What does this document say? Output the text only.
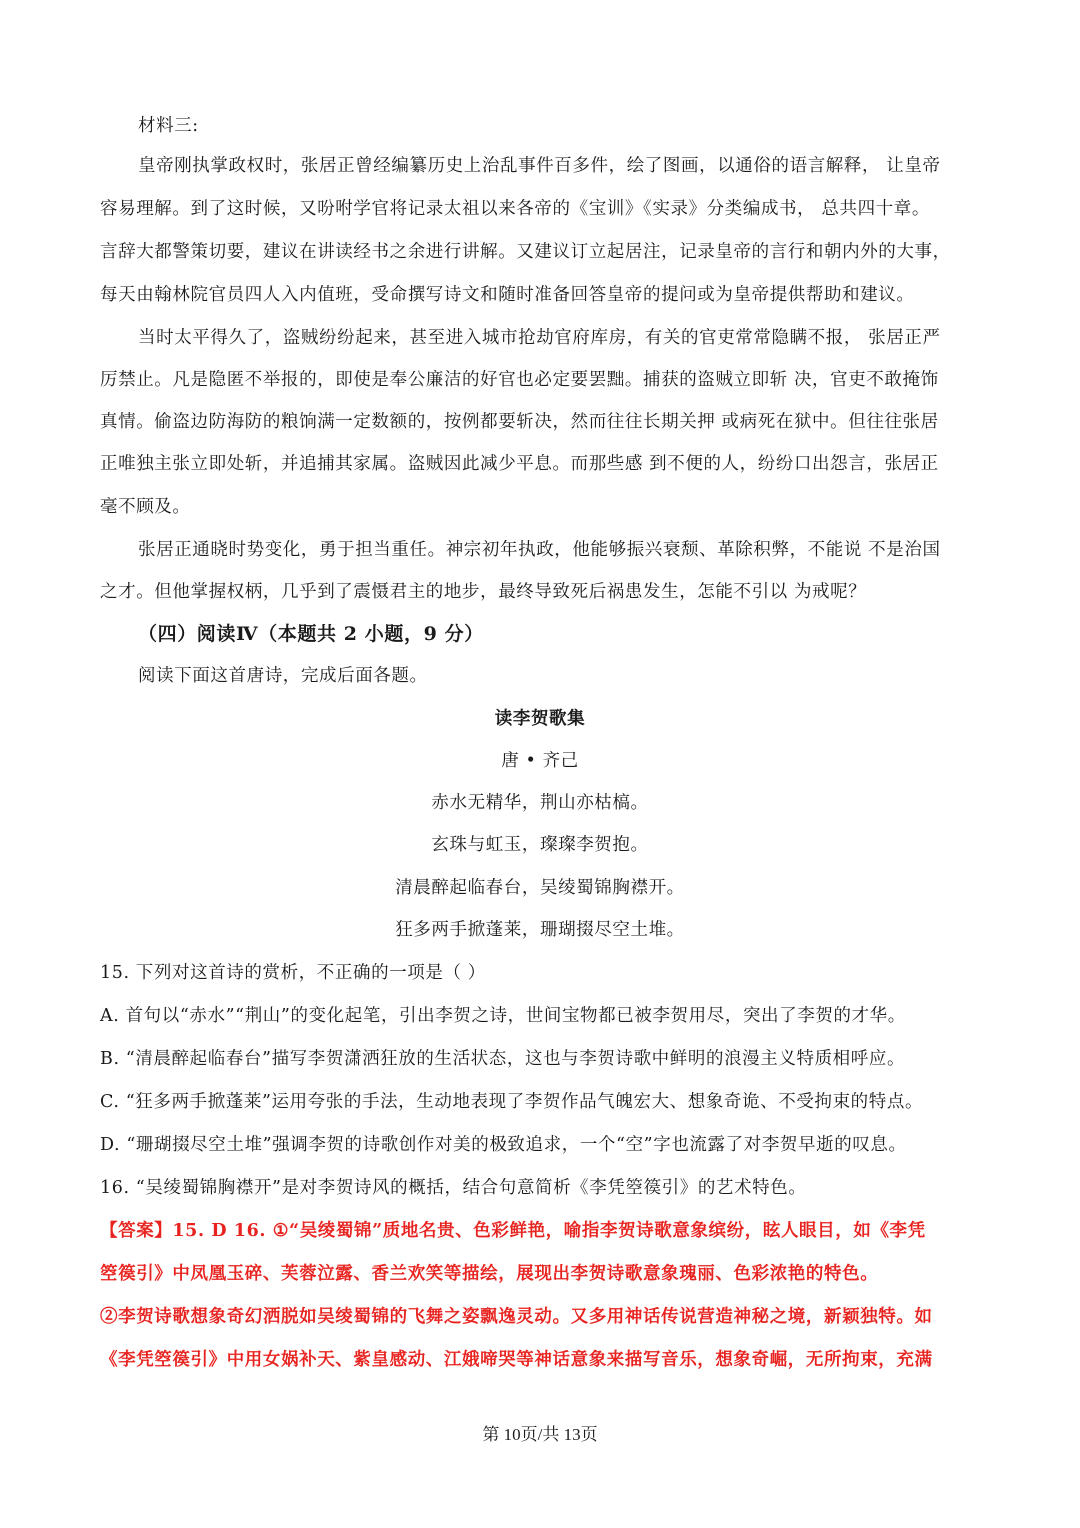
材料三:
皇帝刚执掌政权时，张居正曾经编纂历史上治乱事件百多件，绘了图画，以通俗的语言解释， 让皇帝
容易理解。到了这时候，又吩咐学官将记录太祖以来各帝的《宝训》《实录》分类编成书， 总共四十章。
言辞大都警策切要，建议在讲读经书之余进行讲解。又建议订立起居注，记录皇帝的言行和朝内外的大事，
每天由翰林院官员四人入内值班，受命撰写诗文和随时准备回答皇帝的提问或为皇帝提供帮助和建议。
当时太平得久了，盗贼纷纷起来，甚至进入城市抢劫官府库房，有关的官吏常常隐瞒不报， 张居正严
厉禁止。凡是隐匿不举报的，即使是奉公廉洁的好官也必定要罢黜。捕获的盗贼立即斩 决，官吏不敢掩饰
真情。偷盗边防海防的粮饷满一定数额的，按例都要斩决，然而往往长期关押 或病死在狱中。但往往张居
正唯独主张立即处斩，并追捕其家属。盗贼因此减少平息。而那些感 到不便的人，纷纷口出怨言，张居正
毫不顾及。
张居正通晓时势变化，勇于担当重任。神宗初年执政，他能够振兴衰颓、革除积弊，不能说 不是治国
之才。但他掌握权柄，几乎到了震慑君主的地步，最终导致死后祸患发生，怎能不引以 为戒呢？
（四）阅读Ⅳ（本题共 2 小题，9 分）
阅读下面这首唐诗，完成后面各题。
读李贺歌集
唐 • 齐己
赤水无精华，荆山亦枯槁。
玄珠与虹玉，璨璨李贺抱。
清晨醉起临春台，吴绫蜀锦胸襟开。
狂多两手掀蓬莱，珊瑚掇尽空土堆。
15. 下列对这首诗的赏析，不正确的一项是（ ）
A. 首句以“赤水”“荆山”的变化起笔，引出李贺之诗，世间宝物都已被李贺用尽，突出了李贺的才华。
B. “清晨醉起临春台”描写李贺潇洒狂放的生活状态，这也与李贺诗歌中鲜明的浪漫主义特质相呼应。
C. “狂多两手掀蓬莱”运用夸张的手法，生动地表现了李贺作品气魄宏大、想象奇诡、不受拘束的特点。
D. “珊瑚掇尽空土堆”强调李贺的诗歌创作对美的极致追求，一个“空”字也流露了对李贺早逝的叹息。
16. “吴绫蜀锦胸襟开”是对李贺诗风的概括，结合句意简析《李凭箜篌引》的艺术特色。
【答案】15. D 16. ①“吴绫蜀锦”质地名贵、色彩鲜艳，喻指李贺诗歌意象缤纷，眩人眼目，如《李凭
箜篌引》中凤凰玉碎、芙蓉泣露、香兰欢笑等描绘，展现出李贺诗歌意象瑰丽、色彩浓艳的特色。
②李贺诗歌想象奇幻洒脱如吴绫蜀锦的飞舞之姿飘逸灵动。又多用神话传说营造神秘之境，新颖独特。如
《李凭箜篌引》中用女娲补天、紫皇感动、江娥啼哭等神话意象来描写音乐，想象奇崛，无所拘束，充满
第 10页/共 13页
